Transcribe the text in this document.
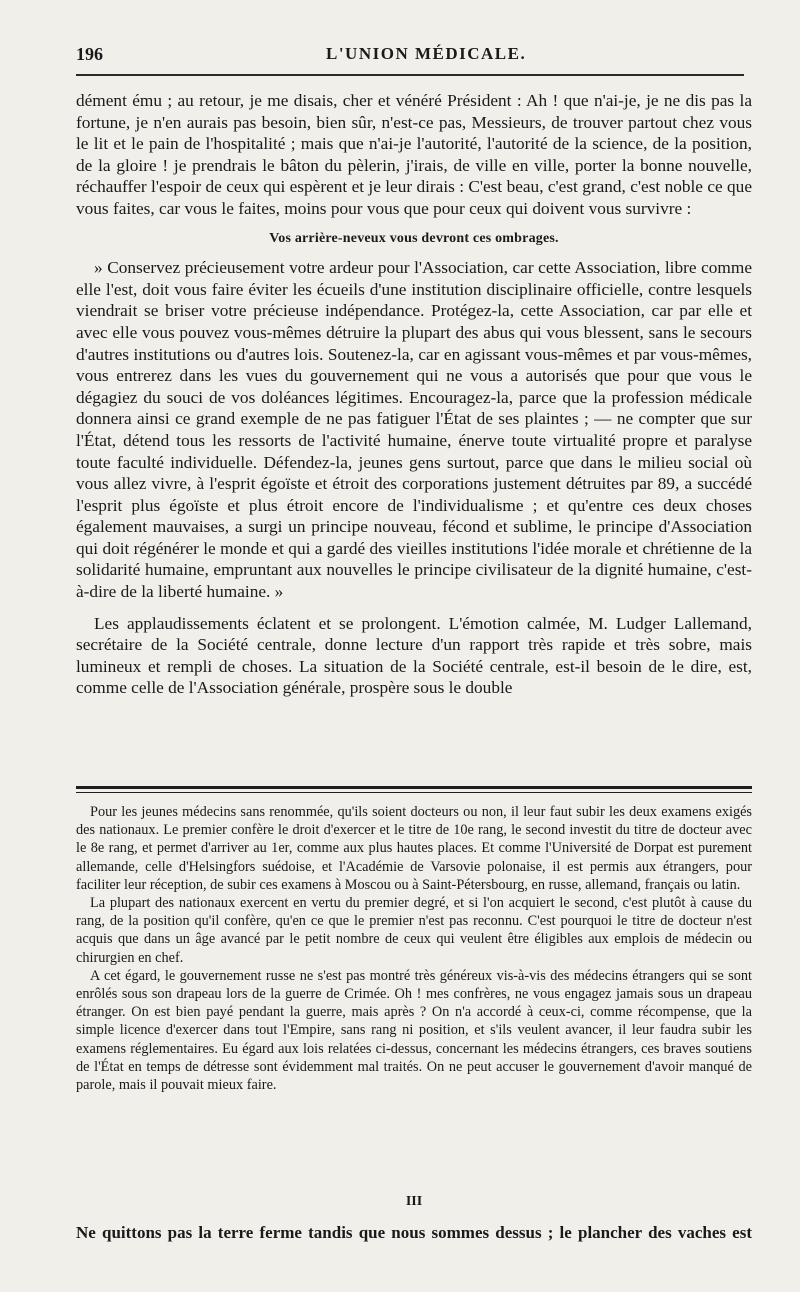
196	L'UNION MÉDICALE.

dément ému ; au retour, je me disais, cher et vénéré Président : Ah ! que n'ai-je, je ne dis pas la fortune, je n'en aurais pas besoin, bien sûr, n'est-ce pas, Messieurs, de trouver partout chez vous le lit et le pain de l'hospitalité ; mais que n'ai-je l'autorité, l'autorité de la science, de la position, de la gloire ! je prendrais le bâton du pèlerin, j'irais, de ville en ville, porter la bonne nouvelle, réchauffer l'espoir de ceux qui espèrent et je leur dirais : C'est beau, c'est grand, c'est noble ce que vous faites, car vous le faites, moins pour vous que pour ceux qui doivent vous survivre :

Vos arrière-neveux vous devront ces ombrages.

» Conservez précieusement votre ardeur pour l'Association, car cette Association, libre comme elle l'est, doit vous faire éviter les écueils d'une institution disciplinaire officielle, contre lesquels viendrait se briser votre précieuse indépendance. Protégez-la, cette Association, car par elle et avec elle vous pouvez vous-mêmes détruire la plupart des abus qui vous blessent, sans le secours d'autres institutions ou d'autres lois. Soutenez-la, car en agissant vous-mêmes et par vous-mêmes, vous entrerez dans les vues du gouvernement qui ne vous a autorisés que pour que vous le dégagiez du souci de vos doléances légitimes. Encouragez-la, parce que la profession médicale donnera ainsi ce grand exemple de ne pas fatiguer l'État de ses plaintes ; — ne compter que sur l'État, détend tous les ressorts de l'activité humaine, énerve toute virtualité propre et paralyse toute faculté individuelle. Défendez-la, jeunes gens surtout, parce que dans le milieu social où vous allez vivre, à l'esprit égoïste et étroit des corporations justement détruites par 89, a succédé l'esprit plus égoïste et plus étroit encore de l'individualisme ; et qu'entre ces deux choses également mauvaises, a surgi un principe nouveau, fécond et sublime, le principe d'Association qui doit régénérer le monde et qui a gardé des vieilles institutions l'idée morale et chrétienne de la solidarité humaine, empruntant aux nouvelles le principe civilisateur de la dignité humaine, c'est-à-dire de la liberté humaine. »

Les applaudissements éclatent et se prolongent. L'émotion calmée, M. Ludger Lallemand, secrétaire de la Société centrale, donne lecture d'un rapport très rapide et très sobre, mais lumineux et rempli de choses. La situation de la Société centrale, est-il besoin de le dire, est, comme celle de l'Association générale, prospère sous le double

Pour les jeunes médecins sans renommée, qu'ils soient docteurs ou non, il leur faut subir les deux examens exigés des nationaux. Le premier confère le droit d'exercer et le titre de 10e rang, le second investit du titre de docteur avec le 8e rang, et permet d'arriver au 1er, comme aux plus hautes places. Et comme l'Université de Dorpat est purement allemande, celle d'Helsingfors suédoise, et l'Académie de Varsovie polonaise, il est permis aux étrangers, pour faciliter leur réception, de subir ces examens à Moscou ou à Saint-Pétersbourg, en russe, allemand, français ou latin.

La plupart des nationaux exercent en vertu du premier degré, et si l'on acquiert le second, c'est plutôt à cause du rang, de la position qu'il confère, qu'en ce que le premier n'est pas reconnu. C'est pourquoi le titre de docteur n'est acquis que dans un âge avancé par le petit nombre de ceux qui veulent être éligibles aux emplois de médecin ou chirurgien en chef.

A cet égard, le gouvernement russe ne s'est pas montré très généreux vis-à-vis des médecins étrangers qui se sont enrôlés sous son drapeau lors de la guerre de Crimée. Oh ! mes confrères, ne vous engagez jamais sous un drapeau étranger. On est bien payé pendant la guerre, mais après ? On n'a accordé à ceux-ci, comme récompense, que la simple licence d'exercer dans tout l'Empire, sans rang ni position, et s'ils veulent avancer, il leur faudra subir les examens réglementaires. Eu égard aux lois relatées ci-dessus, concernant les médecins étrangers, ces braves soutiens de l'État en temps de détresse sont évidemment mal traités. On ne peut accuser le gouvernement d'avoir manqué de parole, mais il pouvait mieux faire.

III
Ne quittons pas la terre ferme tandis que nous sommes dessus ; le plancher des vaches est
